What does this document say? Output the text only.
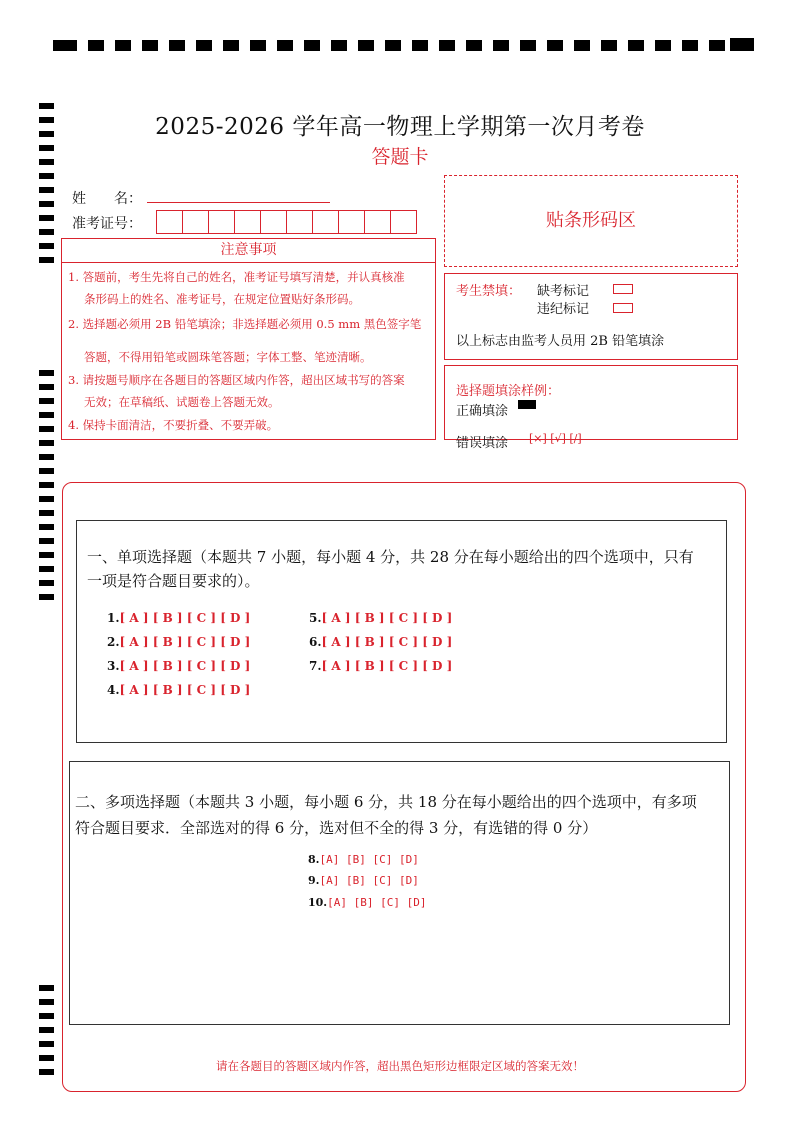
2025-2026 学年高一物理上学期第一次月考卷
答题卡
姓　　名：
准考证号：
注意事项
1. 答题前，考生先将自己的姓名，准考证号填写清楚，并认真核准
条形码上的姓名、准考证号，在规定位置贴好条形码。
2. 选择题必须用 2B 铅笔填涂；非选择题必须用 0.5 mm 黑色签字笔
答题，不得用铅笔或圆珠笔答题；字体工整、笔迹清晰。
3. 请按题号顺序在各题目的答题区域内作答，超出区域书写的答案
无效；在草稿纸、试题卷上答题无效。
4. 保持卡面清洁，不要折叠、不要弄破。
贴条形码区
考生禁填： 缺考标记
违纪标记
以上标志由监考人员用 2B 铅笔填涂
选择题填涂样例：
正确填涂
错误填涂 [×] [√] [/]
一、单项选择题（本题共 7 小题，每小题 4 分，共 28 分在每小题给出的四个选项中，只有
一项是符合题目要求的）。
1.[ A ] [ B ] [ C ] [ D ]
2.[ A ] [ B ] [ C ] [ D ]
3.[ A ] [ B ] [ C ] [ D ]
4.[ A ] [ B ] [ C ] [ D ]
5.[ A ] [ B ] [ C ] [ D ]
6.[ A ] [ B ] [ C ] [ D ]
7.[ A ] [ B ] [ C ] [ D ]
二、多项选择题（本题共 3 小题，每小题 6 分，共 18 分在每小题给出的四个选项中，有多项
符合题目要求．全部选对的得 6 分，选对但不全的得 3 分，有选错的得 0 分）
8.[A] [B] [C] [D]
9.[A] [B] [C] [D]
10.[A] [B] [C] [D]
请在各题目的答题区域内作答，超出黑色矩形边框限定区域的答案无效！
